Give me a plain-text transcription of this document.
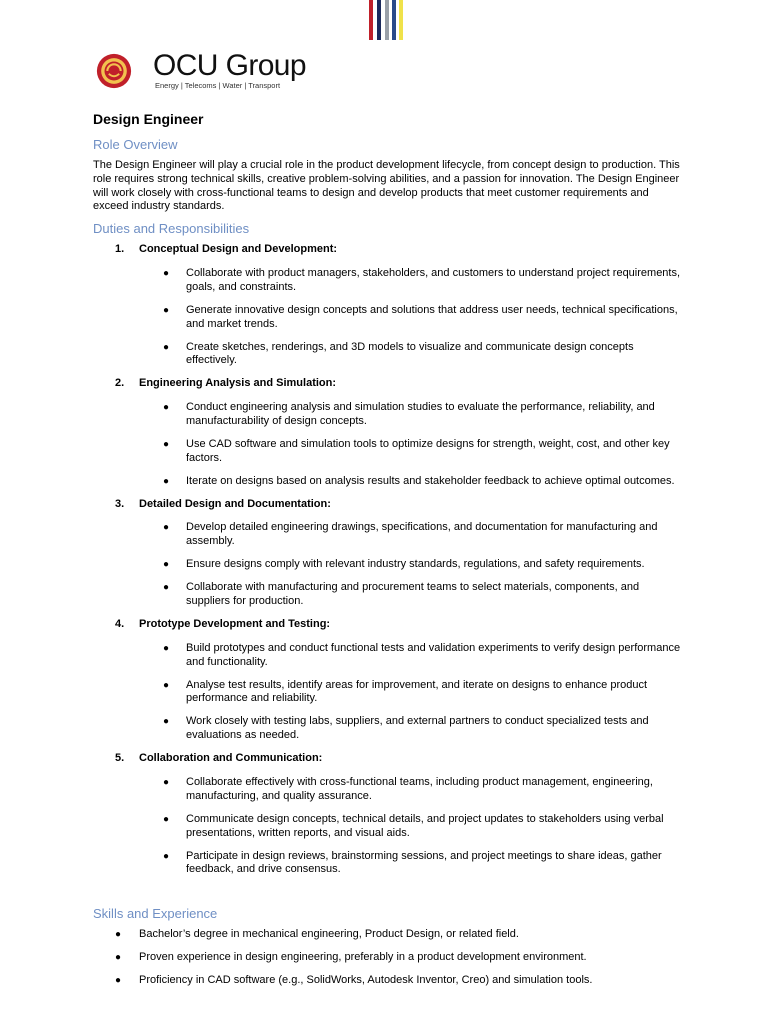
OCU Group
Energy | Telecoms | Water | Transport
Design Engineer
Role Overview
The Design Engineer will play a crucial role in the product development lifecycle, from concept design to production. This role requires strong technical skills, creative problem-solving abilities, and a passion for innovation. The Design Engineer will work closely with cross-functional teams to design and develop products that meet customer requirements and exceed industry standards.
Duties and Responsibilities
1. Conceptual Design and Development:
● Collaborate with product managers, stakeholders, and customers to understand project requirements, goals, and constraints.
● Generate innovative design concepts and solutions that address user needs, technical specifications, and market trends.
● Create sketches, renderings, and 3D models to visualize and communicate design concepts effectively.
2. Engineering Analysis and Simulation:
● Conduct engineering analysis and simulation studies to evaluate the performance, reliability, and manufacturability of design concepts.
● Use CAD software and simulation tools to optimize designs for strength, weight, cost, and other key factors.
● Iterate on designs based on analysis results and stakeholder feedback to achieve optimal outcomes.
3. Detailed Design and Documentation:
● Develop detailed engineering drawings, specifications, and documentation for manufacturing and assembly.
● Ensure designs comply with relevant industry standards, regulations, and safety requirements.
● Collaborate with manufacturing and procurement teams to select materials, components, and suppliers for production.
4. Prototype Development and Testing:
● Build prototypes and conduct functional tests and validation experiments to verify design performance and functionality.
● Analyse test results, identify areas for improvement, and iterate on designs to enhance product performance and reliability.
● Work closely with testing labs, suppliers, and external partners to conduct specialized tests and evaluations as needed.
5. Collaboration and Communication:
● Collaborate effectively with cross-functional teams, including product management, engineering, manufacturing, and quality assurance.
● Communicate design concepts, technical details, and project updates to stakeholders using verbal presentations, written reports, and visual aids.
● Participate in design reviews, brainstorming sessions, and project meetings to share ideas, gather feedback, and drive consensus.
Skills and Experience
● Bachelor’s degree in mechanical engineering, Product Design, or related field.
● Proven experience in design engineering, preferably in a product development environment.
● Proficiency in CAD software (e.g., SolidWorks, Autodesk Inventor, Creo) and simulation tools.
